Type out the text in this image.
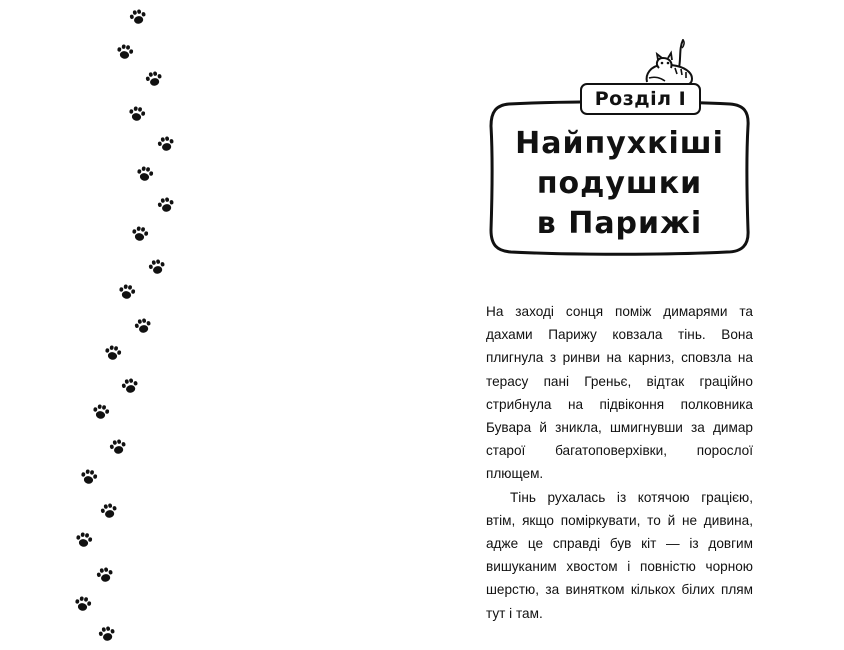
Розділ І
Найпухкіші
подушки
в Парижі

На заході сонця поміж димарями та дахами Парижу ковзала тінь. Вона плигнула з ринви на карниз, сповзла на терасу пані Греньє, відтак граційно стрибнула на підвіконня полковника Бувара й зникла, шмигнувши за димар старої багатоповерхівки, порослої плющем.

Тінь рухалась із котячою грацією, втім, якщо поміркувати, то й не дивина, адже це справді був кіт — із довгим вишуканим хвостом і повністю чорною шерстю, за винятком кількох білих плям тут і там.
